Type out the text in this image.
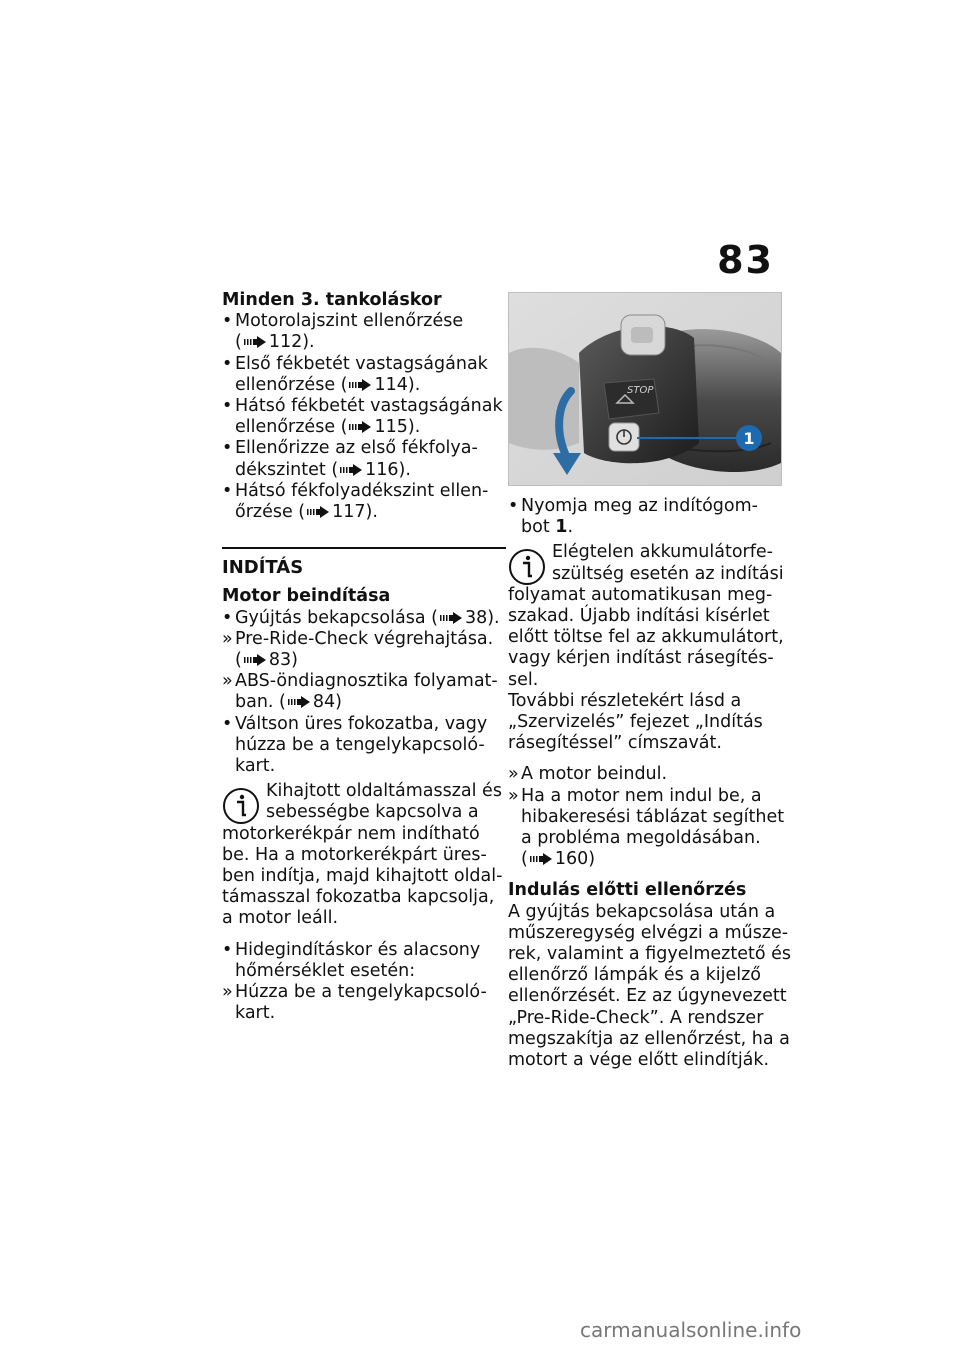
83
Minden 3. tankoláskor
• Motorolajszint ellenőrzése
( 112).
• Első fékbetét vastagságának
ellenőrzése ( 114).
• Hátsó fékbetét vastagságának
ellenőrzése ( 115).
• Ellenőrizze az első fékfolya-
dékszintet ( 116).
• Hátsó fékfolyadékszint ellen-
őrzése ( 117).
INDÍTÁS
Motor beindítása
• Gyújtás bekapcsolása ( 38).
» Pre-Ride-Check végrehajtása.
( 83)
» ABS-öndiagnosztika folyamat-
ban. ( 84)
• Váltson üres fokozatba, vagy
húzza be a tengelykapcsoló-
kart.
Kihajtott oldaltámasszal és
sebességbe kapcsolva a
motorkerékpár nem indítható
be. Ha a motorkerékpárt üres-
ben indítja, majd kihajtott oldal-
támasszal fokozatba kapcsolja,
a motor leáll.
• Hidegindításkor és alacsony
hőmérséklet esetén:
» Húzza be a tengelykapcsoló-
kart.
STOP
1
• Nyomja meg az indítógom-
bot 1.
Elégtelen akkumulátorfe-
szültség esetén az indítási
folyamat automatikusan meg-
szakad. Újabb indítási kísérlet
előtt töltse fel az akkumulátort,
vagy kérjen indítást rásegítés-
sel.
További részletekért lásd a
„Szervizelés” fejezet „Indítás
rásegítéssel” címszavát.
» A motor beindul.
» Ha a motor nem indul be, a
hibakeresési táblázat segíthet
a probléma megoldásában.
( 160)
Indulás előtti ellenőrzés
A gyújtás bekapcsolása után a
műszeregység elvégzi a műsze-
rek, valamint a figyelmeztető és
ellenőrző lámpák és a kijelző
ellenőrzését. Ez az úgynevezett
„Pre-Ride-Check”. A rendszer
megszakítja az ellenőrzést, ha a
motort a vége előtt elindítják.
carmanualsonline.info
